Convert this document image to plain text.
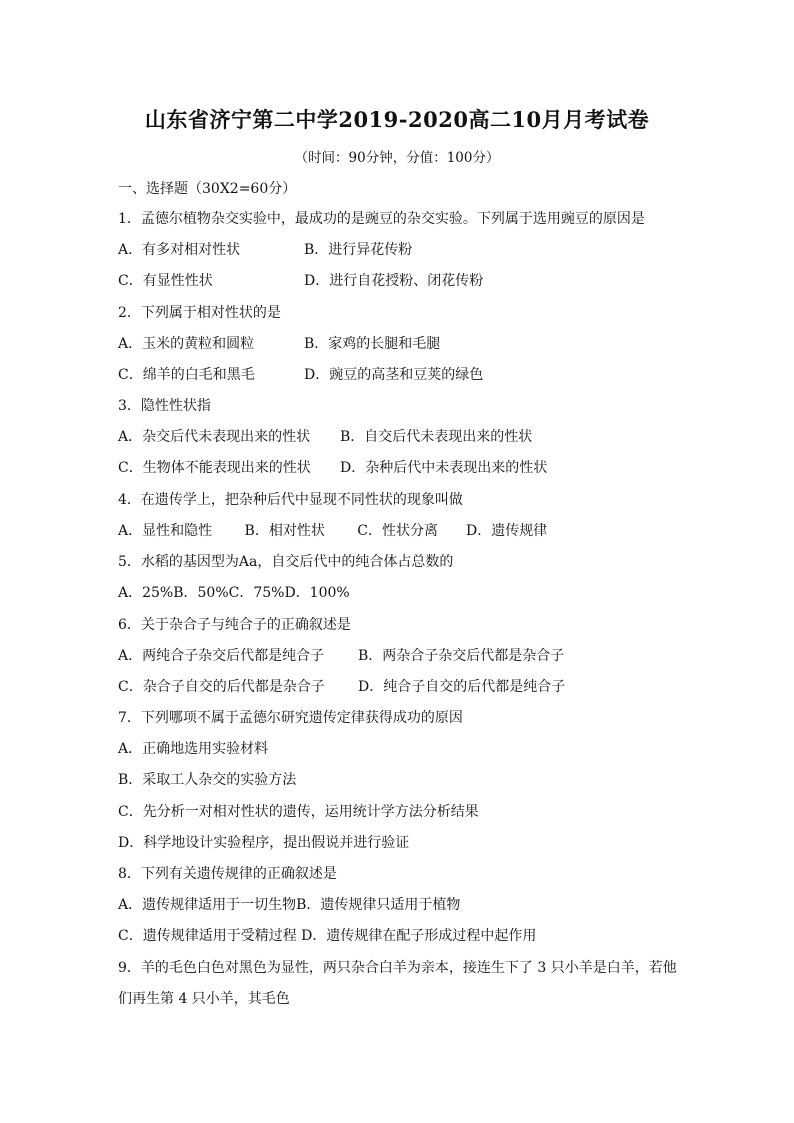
山东省济宁第二中学2019-2020高二10月月考试卷
（时间：90分钟，分值：100分）
一、选择题（30X2=60分）
1．孟德尔植物杂交实验中，最成功的是豌豆的杂交实验。下列属于选用豌豆的原因是
A．有多对相对性状	B．进行异花传粉
C．有显性性状	D．进行自花授粉、闭花传粉
2．下列属于相对性状的是
A．玉米的黄粒和圆粒	B．家鸡的长腿和毛腿
C．绵羊的白毛和黑毛	D．豌豆的高茎和豆荚的绿色
3．隐性性状指
A．杂交后代未表现出来的性状 B．自交后代未表现出来的性状
C．生物体不能表现出来的性状 D．杂种后代中未表现出来的性状
4．在遗传学上，把杂种后代中显现不同性状的现象叫做
A．显性和隐性　　 B．相对性状　　 C．性状分离　　D．遗传规律
5．水稻的基因型为Aa，自交后代中的纯合体占总数的
A．25%B．50%C．75%D．100%
6．关于杂合子与纯合子的正确叙述是
A．两纯合子杂交后代都是纯合子 B．两杂合子杂交后代都是杂合子
C．杂合子自交的后代都是杂合子 D．纯合子自交的后代都是纯合子
7．下列哪项不属于孟德尔研究遗传定律获得成功的原因
A．正确地选用实验材料
B．采取工人杂交的实验方法
C．先分析一对相对性状的遗传，运用统计学方法分析结果
D．科学地设计实验程序，提出假说并进行验证
8．下列有关遗传规律的正确叙述是
A．遗传规律适用于一切生物B．遗传规律只适用于植物
C．遗传规律适用于受精过程 D．遗传规律在配子形成过程中起作用
9．羊的毛色白色对黑色为显性，两只杂合白羊为亲本，接连生下了 3 只小羊是白羊，若他
们再生第 4 只小羊，其毛色
